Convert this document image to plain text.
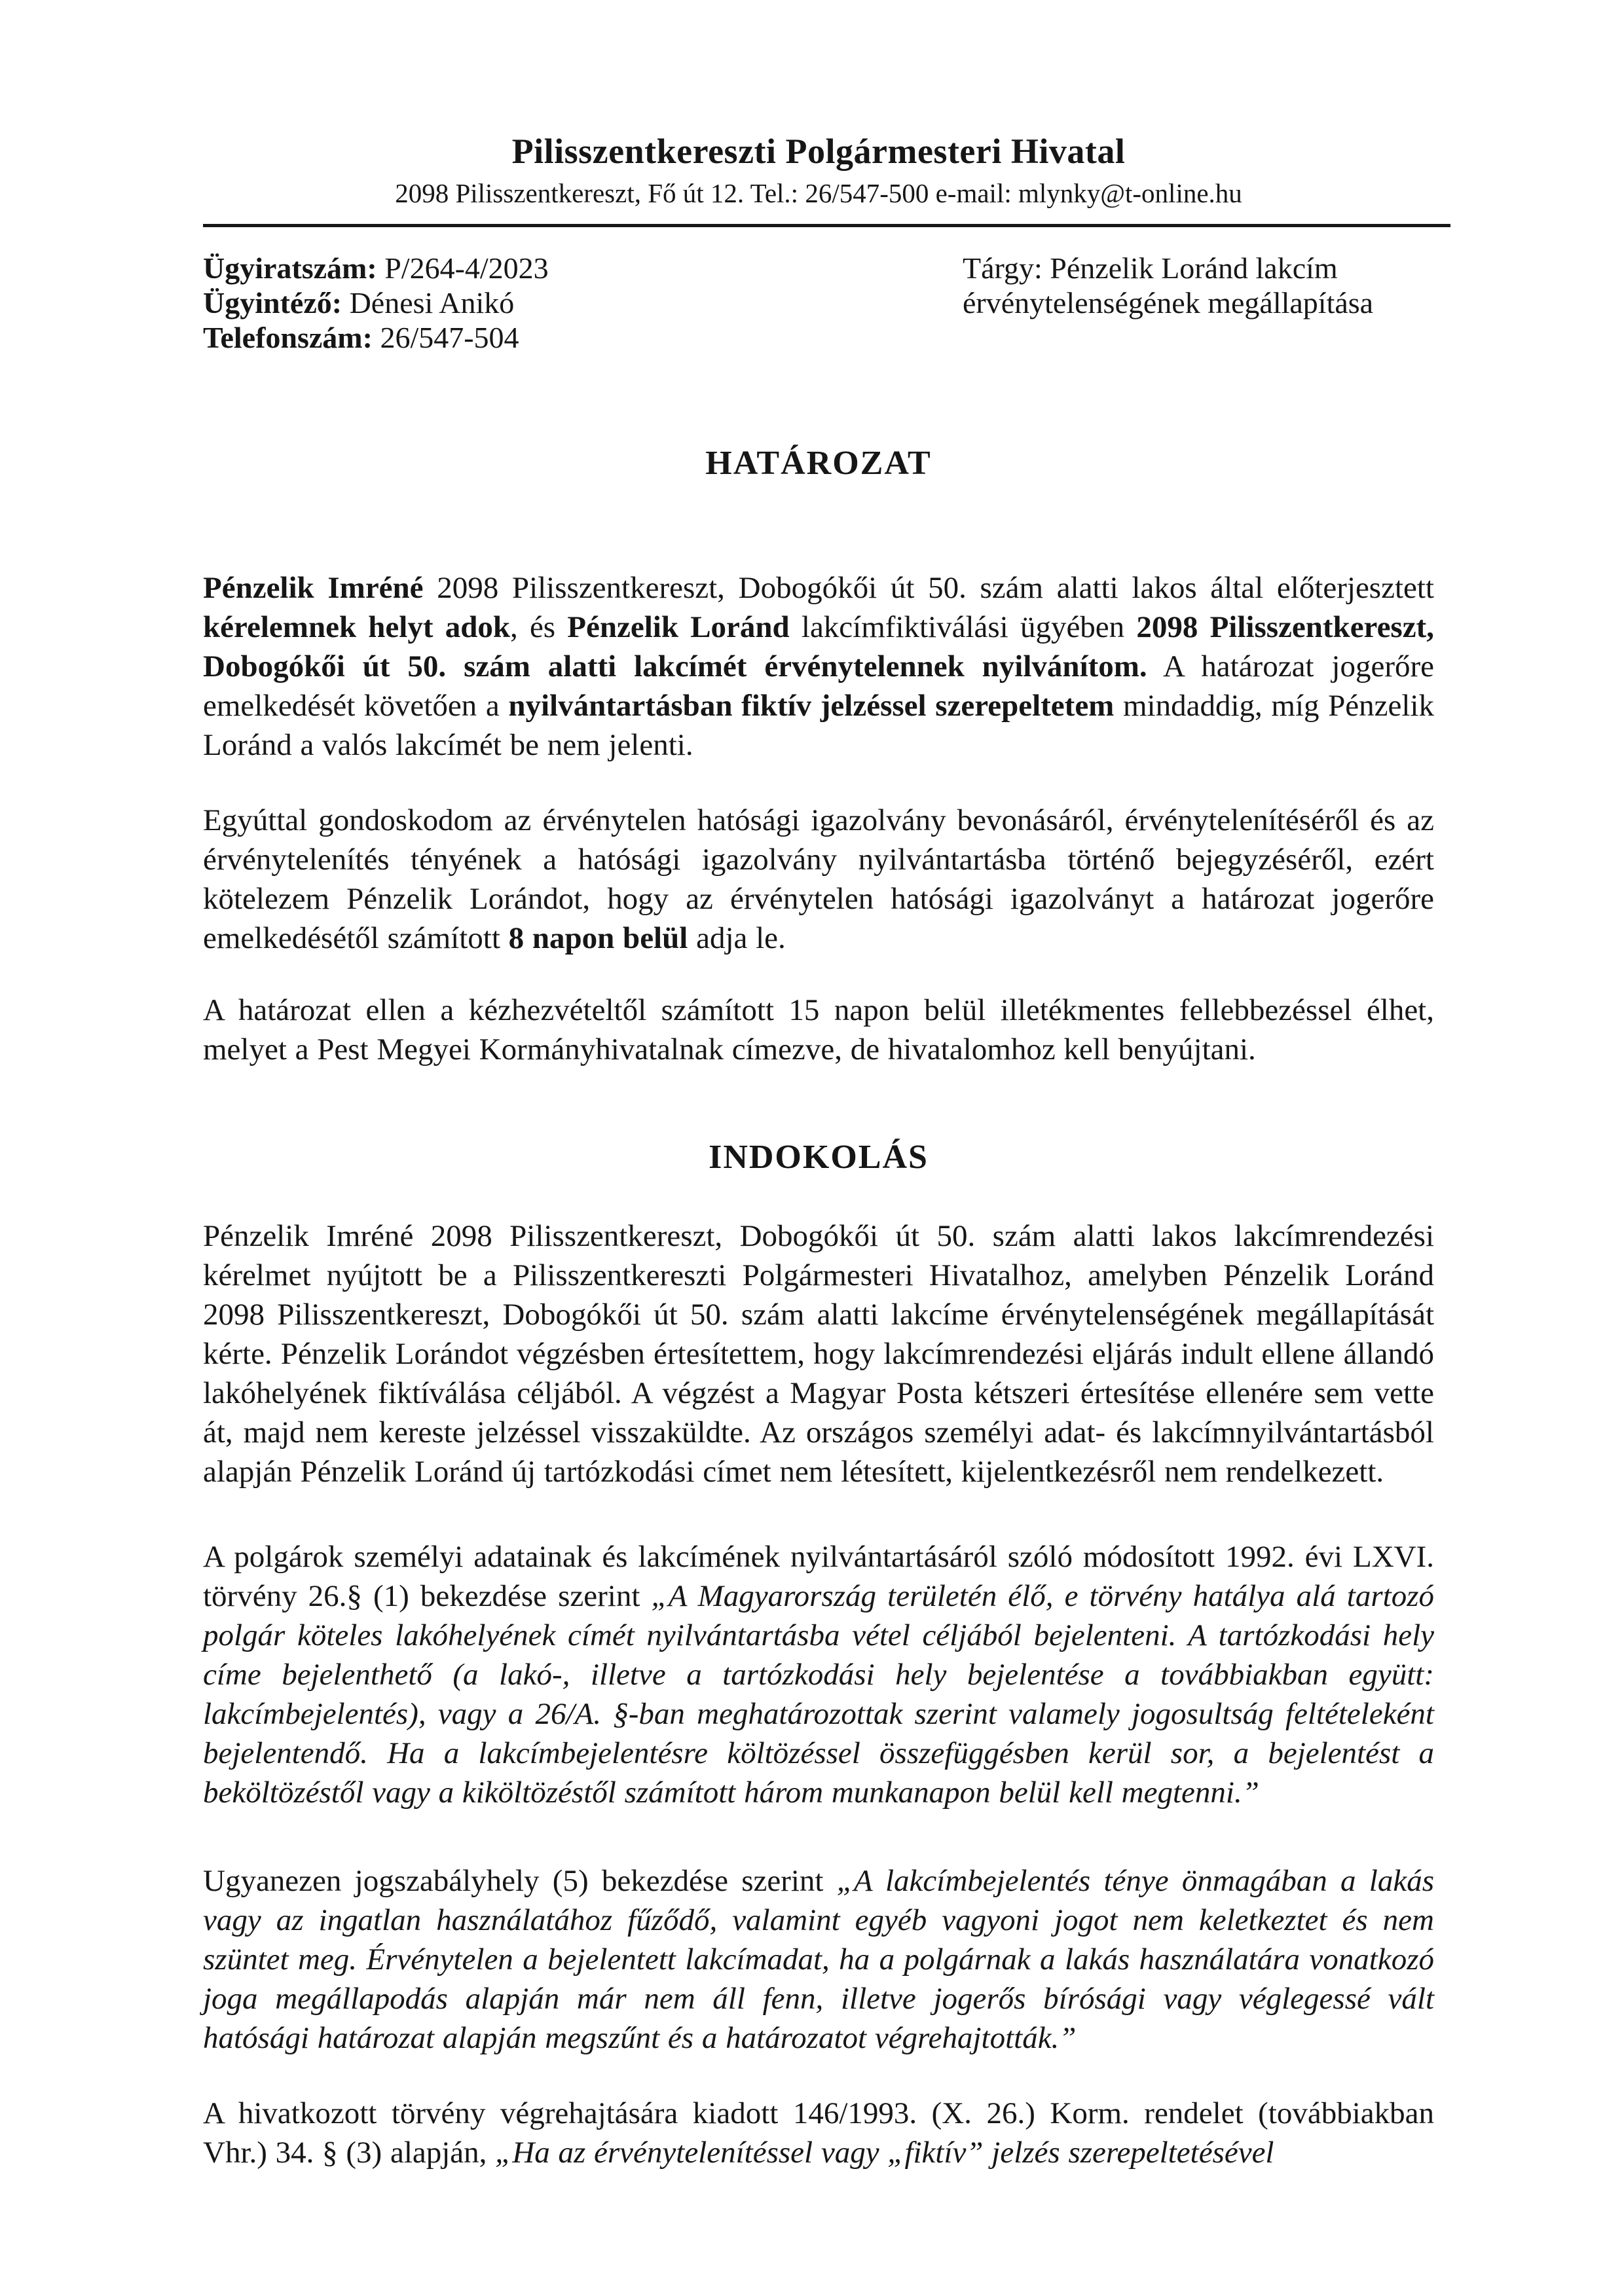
Pilisszentkereszti Polgármesteri Hivatal
2098 Pilisszentkereszt, Fő út 12. Tel.: 26/547-500 e-mail: mlynky@t-online.hu
Ügyiratszám: P/264-4/2023
Ügyintéző: Dénesi Anikó
Telefonszám: 26/547-504
Tárgy: Pénzelik Loránd lakcím érvénytelenségének megállapítása
HATÁROZAT
Pénzelik Imréné 2098 Pilisszentkereszt, Dobogókői út 50. szám alatti lakos által előterjesztett kérelemnek helyt adok, és Pénzelik Loránd lakcímfiktiválási ügyében 2098 Pilisszentkereszt, Dobogókői út 50. szám alatti lakcímét érvénytelennek nyilvánítom. A határozat jogerőre emelkedését követően a nyilvántartásban fiktív jelzéssel szerepeltetem mindaddig, míg Pénzelik Loránd a valós lakcímét be nem jelenti.
Egyúttal gondoskodom az érvénytelen hatósági igazolvány bevonásáról, érvénytelenítéséről és az érvénytelenítés tényének a hatósági igazolvány nyilvántartásba történő bejegyzéséről, ezért kötelezem Pénzelik Lorándot, hogy az érvénytelen hatósági igazolványt a határozat jogerőre emelkedésétől számított 8 napon belül adja le.
A határozat ellen a kézhezvételtől számított 15 napon belül illetékmentes fellebbezéssel élhet, melyet a Pest Megyei Kormányhivatalnak címezve, de hivatalomhoz kell benyújtani.
INDOKOLÁS
Pénzelik Imréné 2098 Pilisszentkereszt, Dobogókői út 50. szám alatti lakos lakcímrendezési kérelmet nyújtott be a Pilisszentkereszti Polgármesteri Hivatalhoz, amelyben Pénzelik Loránd 2098 Pilisszentkereszt, Dobogókői út 50. szám alatti lakcíme érvénytelenségének megállapítását kérte. Pénzelik Lorándot végzésben értesítettem, hogy lakcímrendezési eljárás indult ellene állandó lakóhelyének fiktíválása céljából. A végzést a Magyar Posta kétszeri értesítése ellenére sem vette át, majd nem kereste jelzéssel visszaküldte. Az országos személyi adat- és lakcímnyilvántartásból alapján Pénzelik Loránd új tartózkodási címet nem létesített, kijelentkezésről nem rendelkezett.
A polgárok személyi adatainak és lakcímének nyilvántartásáról szóló módosított 1992. évi LXVI. törvény 26.§ (1) bekezdése szerint „A Magyarország területén élő, e törvény hatálya alá tartozó polgár köteles lakóhelyének címét nyilvántartásba vétel céljából bejelenteni. A tartózkodási hely címe bejelenthető (a lakó-, illetve a tartózkodási hely bejelentése a továbbiakban együtt: lakcímbejelentés), vagy a 26/A. §-ban meghatározottak szerint valamely jogosultság feltételeként bejelentendő. Ha a lakcímbejelentésre költözéssel összefüggésben kerül sor, a bejelentést a beköltözéstől vagy a kiköltözéstől számított három munkanapon belül kell megtenni.”
Ugyanezen jogszabályhely (5) bekezdése szerint „A lakcímbejelentés ténye önmagában a lakás vagy az ingatlan használatához fűződő, valamint egyéb vagyoni jogot nem keletkeztet és nem szüntet meg. Érvénytelen a bejelentett lakcímadat, ha a polgárnak a lakás használatára vonatkozó joga megállapodás alapján már nem áll fenn, illetve jogerős bírósági vagy véglegessé vált hatósági határozat alapján megszűnt és a határozatot végrehajtották.”
A hivatkozott törvény végrehajtására kiadott 146/1993. (X. 26.) Korm. rendelet (továbbiakban Vhr.) 34. § (3) alapján, „Ha az érvénytelenítéssel vagy „fiktív” jelzés szerepeltetésével
